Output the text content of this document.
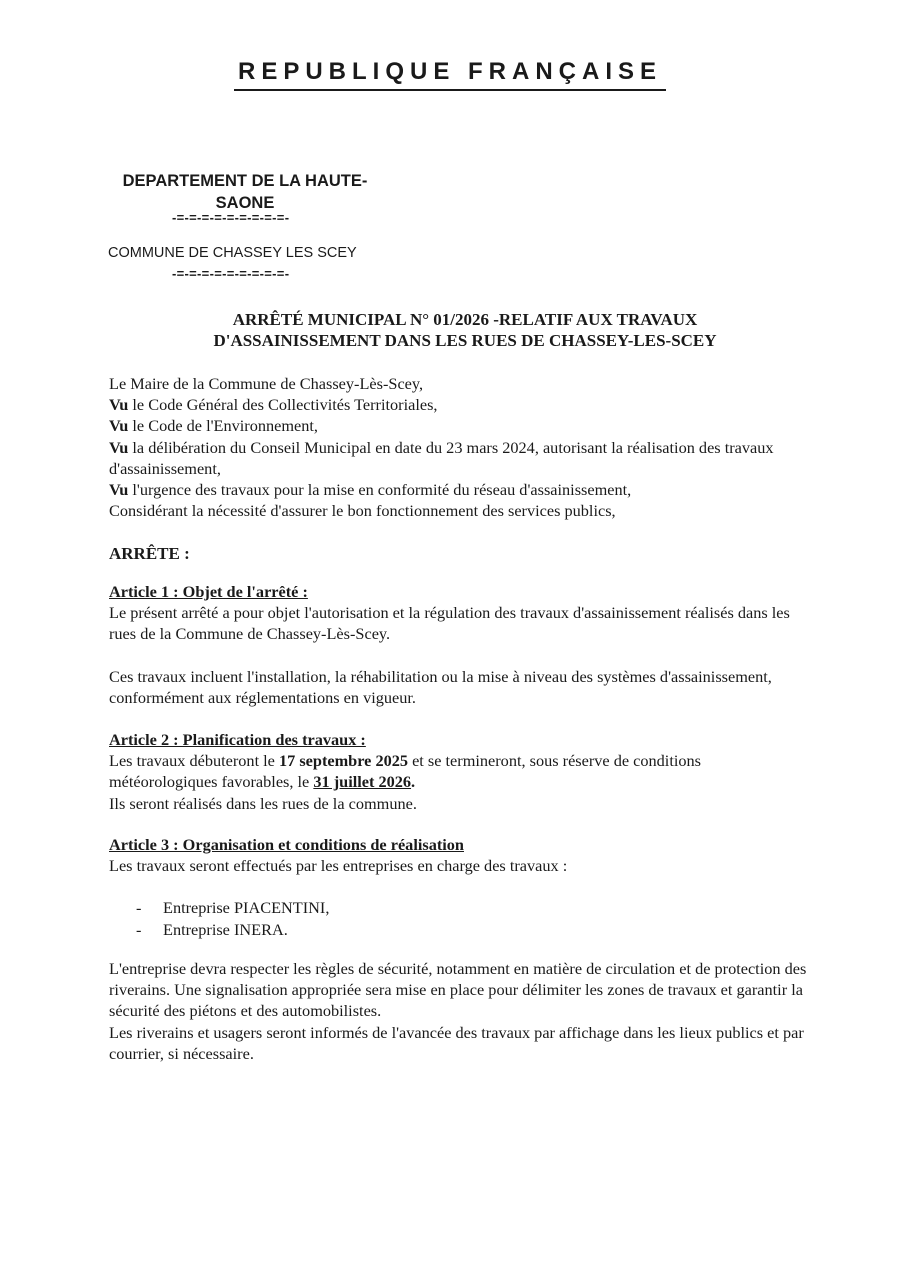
REPUBLIQUE FRANÇAISE
DEPARTEMENT DE LA HAUTE-
SAONE
-=-=-=-=-=-=-=-=-=-
COMMUNE DE CHASSEY LES SCEY
-=-=-=-=-=-=-=-=-=-
ARRÊTÉ MUNICIPAL N° 01/2026 -RELATIF AUX TRAVAUX
D'ASSAINISSEMENT DANS LES RUES DE CHASSEY-LES-SCEY
Le Maire de la Commune de Chassey-Lès-Scey,
Vu le Code Général des Collectivités Territoriales,
Vu le Code de l'Environnement,
Vu la délibération du Conseil Municipal en date du 23 mars 2024, autorisant la réalisation des travaux d'assainissement,
Vu l'urgence des travaux pour la mise en conformité du réseau d'assainissement,
Considérant la nécessité d'assurer le bon fonctionnement des services publics,
ARRÊTE :
Article 1 : Objet de l'arrêté :
Le présent arrêté a pour objet l'autorisation et la régulation des travaux d'assainissement réalisés dans les rues de la Commune de Chassey-Lès-Scey.
Ces travaux incluent l'installation, la réhabilitation ou la mise à niveau des systèmes d'assainissement, conformément aux réglementations en vigueur.
Article 2 : Planification des travaux :
Les travaux débuteront le 17 septembre 2025 et se termineront, sous réserve de conditions météorologiques favorables, le 31 juillet 2026.
Ils seront réalisés dans les rues de la commune.
Article 3 : Organisation et conditions de réalisation
Les travaux seront effectués par les entreprises en charge des travaux :
- Entreprise PIACENTINI,
- Entreprise INERA.
L'entreprise devra respecter les règles de sécurité, notamment en matière de circulation et de protection des riverains. Une signalisation appropriée sera mise en place pour délimiter les zones de travaux et garantir la sécurité des piétons et des automobilistes.
Les riverains et usagers seront informés de l'avancée des travaux par affichage dans les lieux publics et par courrier, si nécessaire.
